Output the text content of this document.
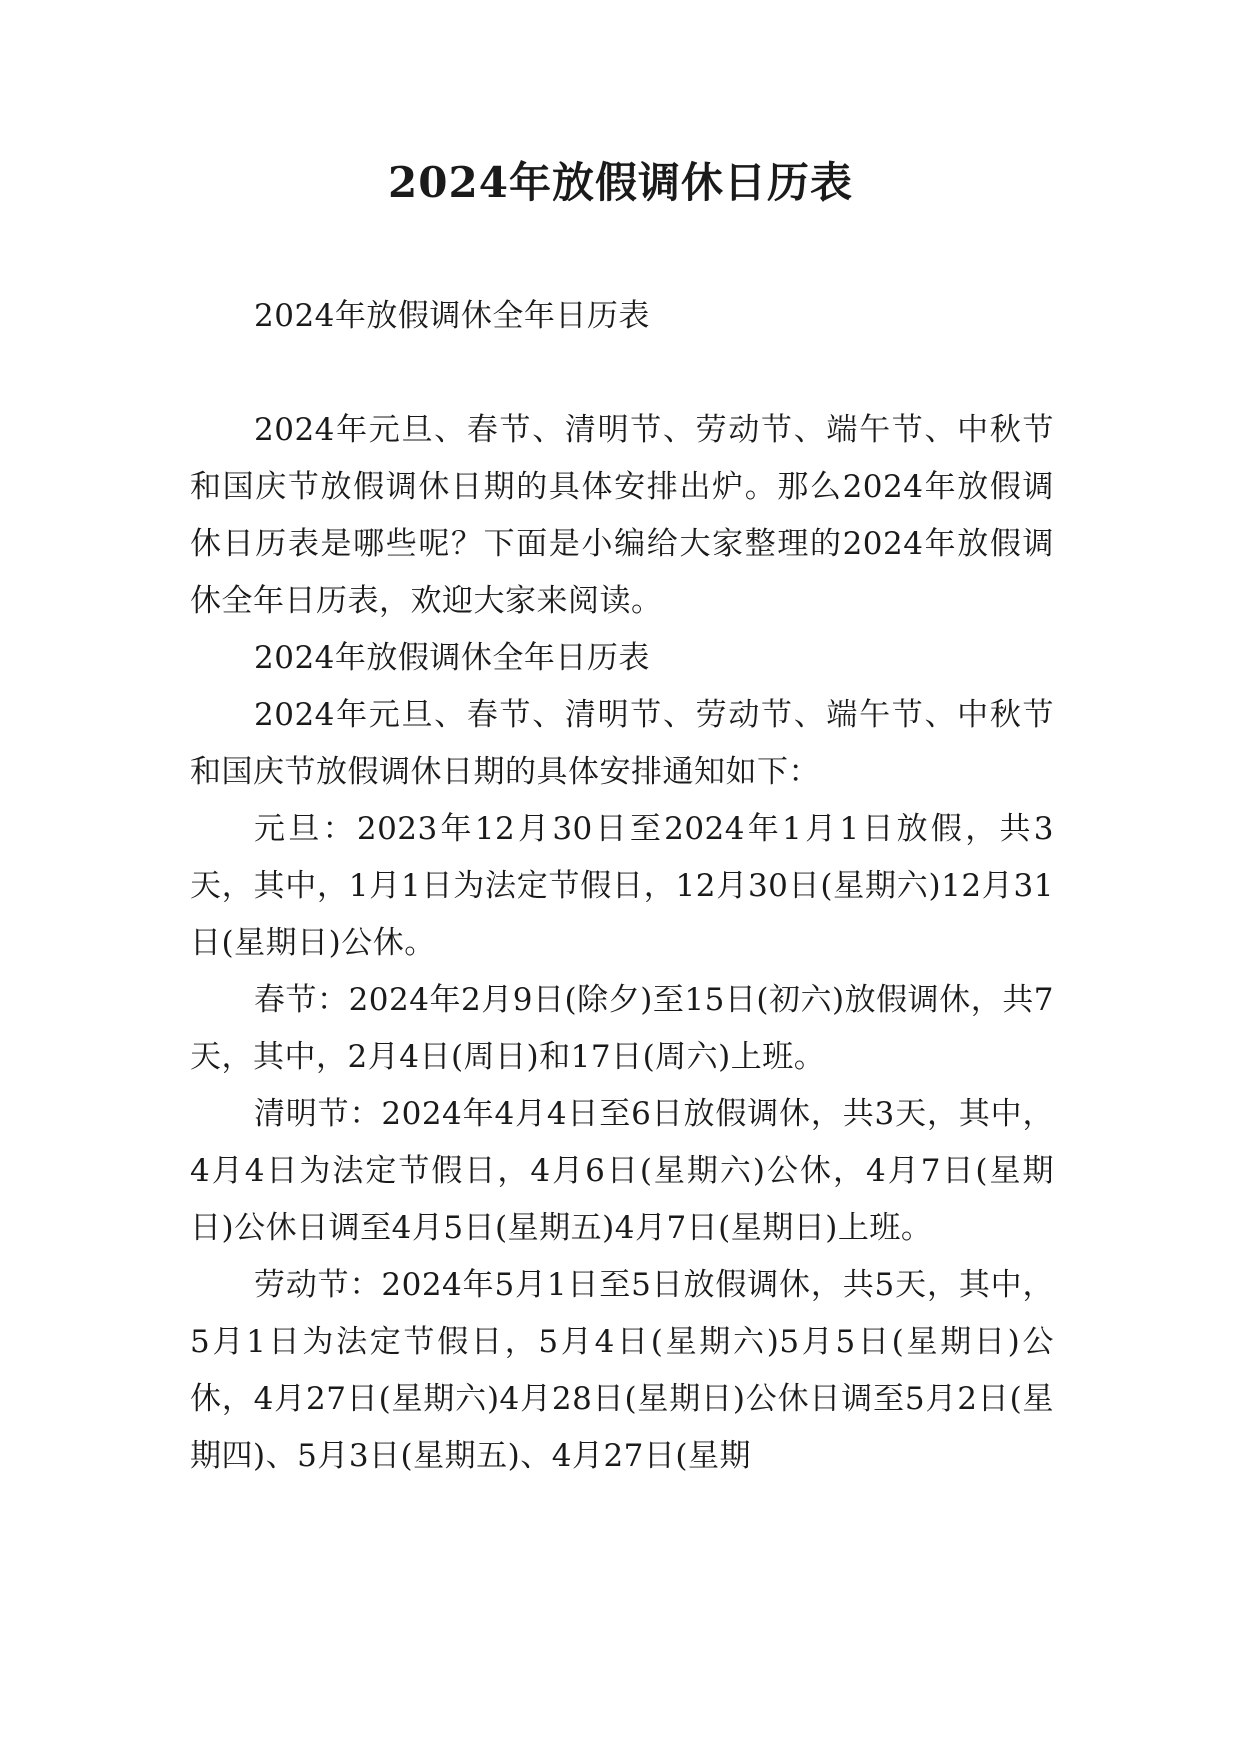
2024年放假调休日历表

2024年放假调休全年日历表

2024年元旦、春节、清明节、劳动节、端午节、中秋节和国庆节放假调休日期的具体安排出炉。那么2024年放假调休日历表是哪些呢？下面是小编给大家整理的2024年放假调休全年日历表，欢迎大家来阅读。

2024年放假调休全年日历表

2024年元旦、春节、清明节、劳动节、端午节、中秋节和国庆节放假调休日期的具体安排通知如下：

元旦：2023年12月30日至2024年1月1日放假，共3天，其中，1月1日为法定节假日，12月30日(星期六)12月31日(星期日)公休。

春节：2024年2月9日(除夕)至15日(初六)放假调休，共7天，其中，2月4日(周日)和17日(周六)上班。

清明节：2024年4月4日至6日放假调休，共3天，其中，4月4日为法定节假日，4月6日(星期六)公休，4月7日(星期日)公休日调至4月5日(星期五)4月7日(星期日)上班。

劳动节：2024年5月1日至5日放假调休，共5天，其中，5月1日为法定节假日，5月4日(星期六)5月5日(星期日)公休，4月27日(星期六)4月28日(星期日)公休日调至5月2日(星期四)、5月3日(星期五)、4月27日(星期
